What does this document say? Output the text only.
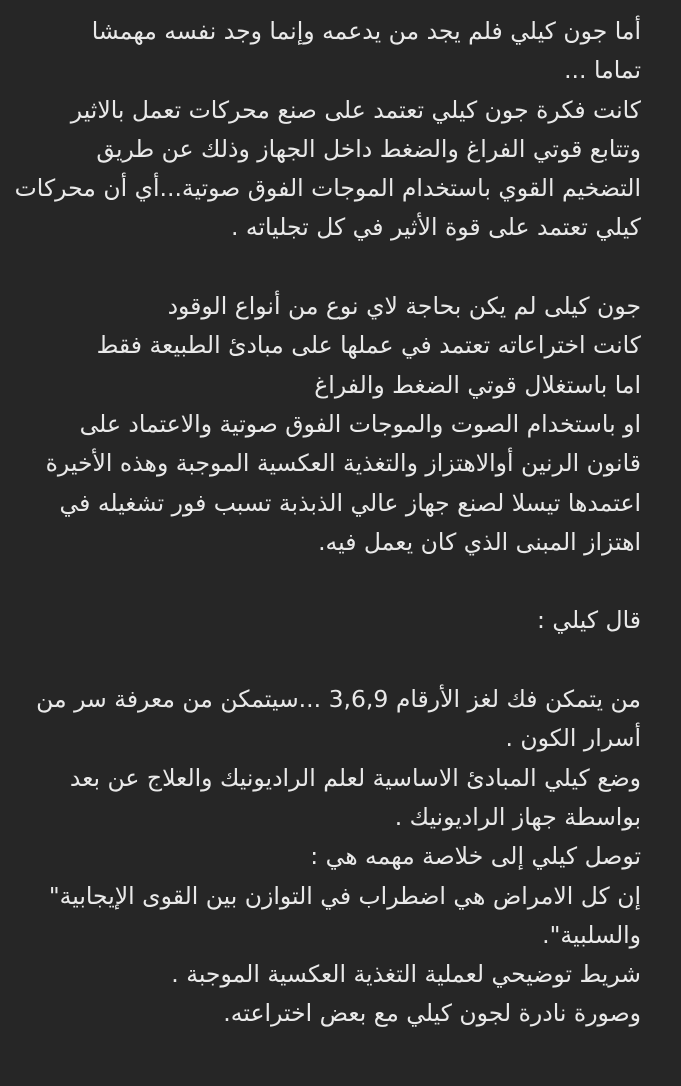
أما جون كيلي فلم يجد من يدعمه وإنما وجد نفسه مهمشا
تماما ...
كانت فكرة جون كيلي تعتمد على صنع محركات تعمل بالاثير
وتتابع قوتي الفراغ والضغط داخل الجهاز وذلك عن طريق
التضخيم القوي باستخدام الموجات الفوق صوتية...أي أن محركات
كيلي تعتمد على قوة الأثير في كل تجلياته .
جون كيلى لم يكن بحاجة لاي نوع من أنواع الوقود
كانت اختراعاته تعتمد في عملها على مبادئ الطبيعة فقط
اما باستغلال قوتي الضغط والفراغ
او باستخدام الصوت والموجات الفوق صوتية والاعتماد على
قانون الرنين أوالاهتزاز والتغذية العكسية الموجبة وهذه الأخيرة
اعتمدها تيسلا لصنع جهاز عالي الذبذبة تسبب فور تشغيله في
اهتزاز المبنى الذي كان يعمل فيه.
قال كيلي :
من يتمكن فك لغز الأرقام 3,6,9 ...سيتمكن من معرفة سر من
أسرار الكون .
وضع كيلي المبادئ الاساسية لعلم الراديونيك والعلاج عن بعد
بواسطة جهاز الراديونيك .
توصل كيلي إلى خلاصة مهمه هي :
إن كل الامراض هي اضطراب في التوازن بين القوى الإيجابية"
والسلبية".
شريط توضيحي لعملية التغذية العكسية الموجبة .
وصورة نادرة لجون كيلي مع بعض اختراعته.
